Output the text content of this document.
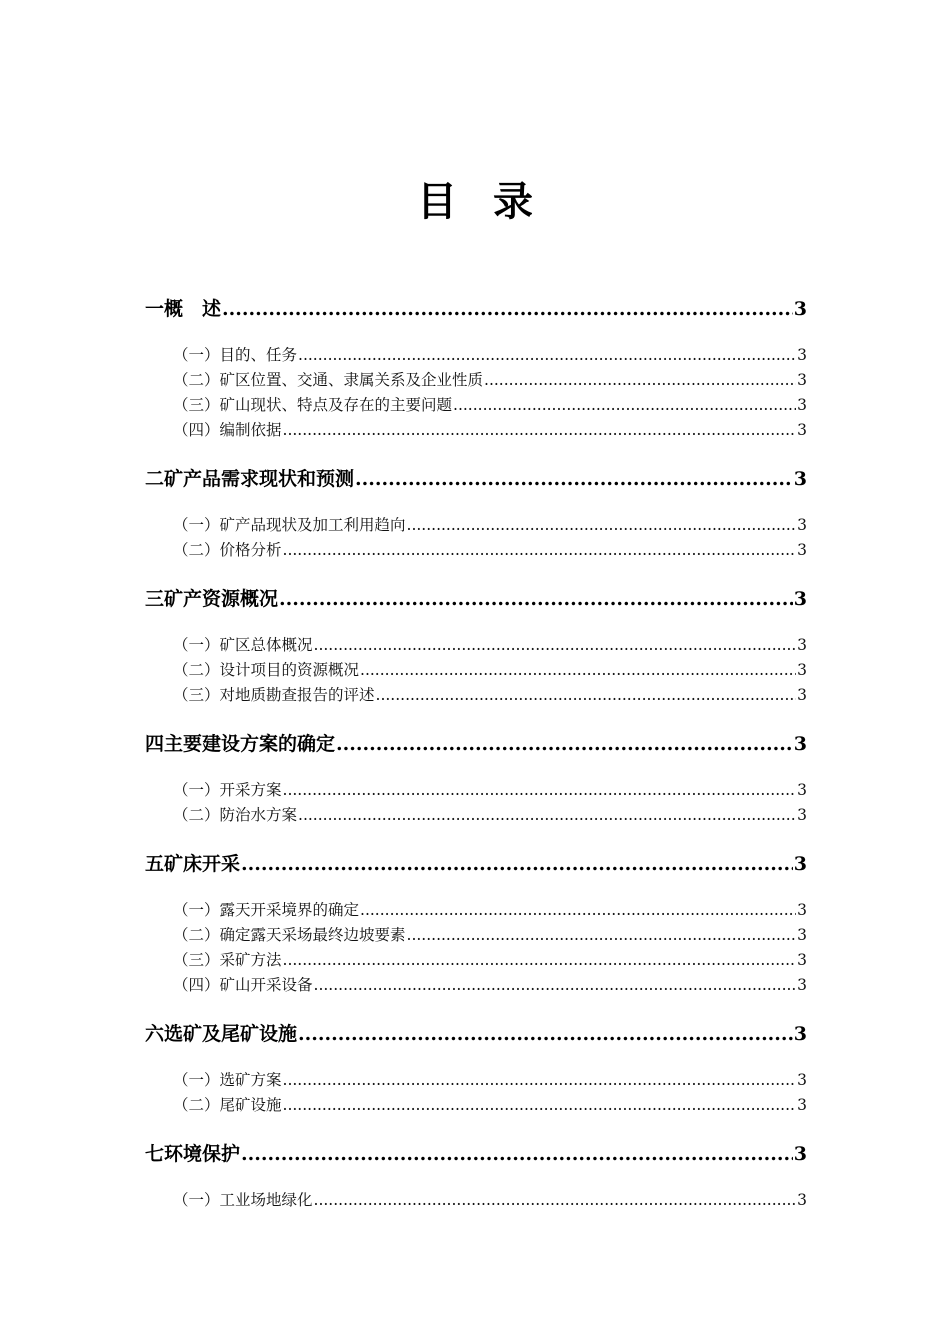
目录
一 概　述 .....	3
（一）目的、任务 .....	3
（二）矿区位置、交通、隶属关系及企业性质 .....	3
（三）矿山现状、特点及存在的主要问题 .....	3
（四）编制依据 .....	3
二 矿产品需求现状和预测 .....	3
（一）矿产品现状及加工利用趋向 .....	3
（二）价格分析 .....	3
三 矿产资源概况 .....	3
（一）矿区总体概况 .....	3
（二）设计项目的资源概况 .....	3
（三）对地质勘查报告的评述 .....	3
四 主要建设方案的确定 .....	3
（一）开采方案 .....	3
（二）防治水方案 .....	3
五 矿床开采 .....	3
（一）露天开采境界的确定 .....	3
（二）确定露天采场最终边坡要素 .....	3
（三）采矿方法 .....	3
（四）矿山开采设备 .....	3
六 选矿及尾矿设施 .....	3
（一）选矿方案 .....	3
（二）尾矿设施 .....	3
七 环境保护 .....	3
（一）工业场地绿化 .....	3
